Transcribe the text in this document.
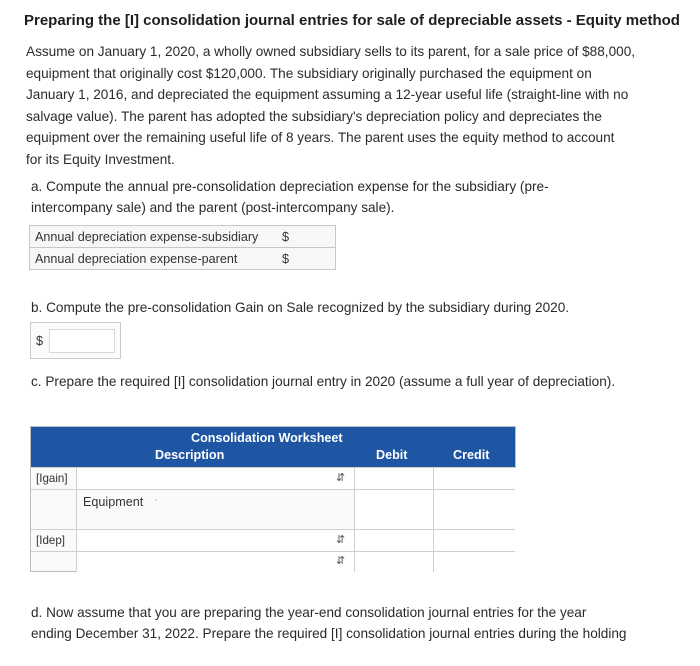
Preparing the [I] consolidation journal entries for sale of depreciable assets - Equity method
Assume on January 1, 2020, a wholly owned subsidiary sells to its parent, for a sale price of $88,000,
equipment that originally cost $120,000. The subsidiary originally purchased the equipment on
January 1, 2016, and depreciated the equipment assuming a 12-year useful life (straight-line with no
salvage value). The parent has adopted the subsidiary's depreciation policy and depreciates the
equipment over the remaining useful life of 8 years. The parent uses the equity method to account
for its Equity Investment.
a. Compute the annual pre-consolidation depreciation expense for the subsidiary (pre-
intercompany sale) and the parent (post-intercompany sale).
Annual depreciation expense-subsidiary	$
Annual depreciation expense-parent	$
b. Compute the pre-consolidation Gain on Sale recognized by the subsidiary during 2020.
$
c. Prepare the required [I] consolidation journal entry in 2020 (assume a full year of depreciation).
Consolidation Worksheet
Description	Debit	Credit
[Igain]	⇵
Equipment ·
[Idep]	⇵
⇵
d. Now assume that you are preparing the year-end consolidation journal entries for the year
ending December 31, 2022. Prepare the required [I] consolidation journal entries during the holding
